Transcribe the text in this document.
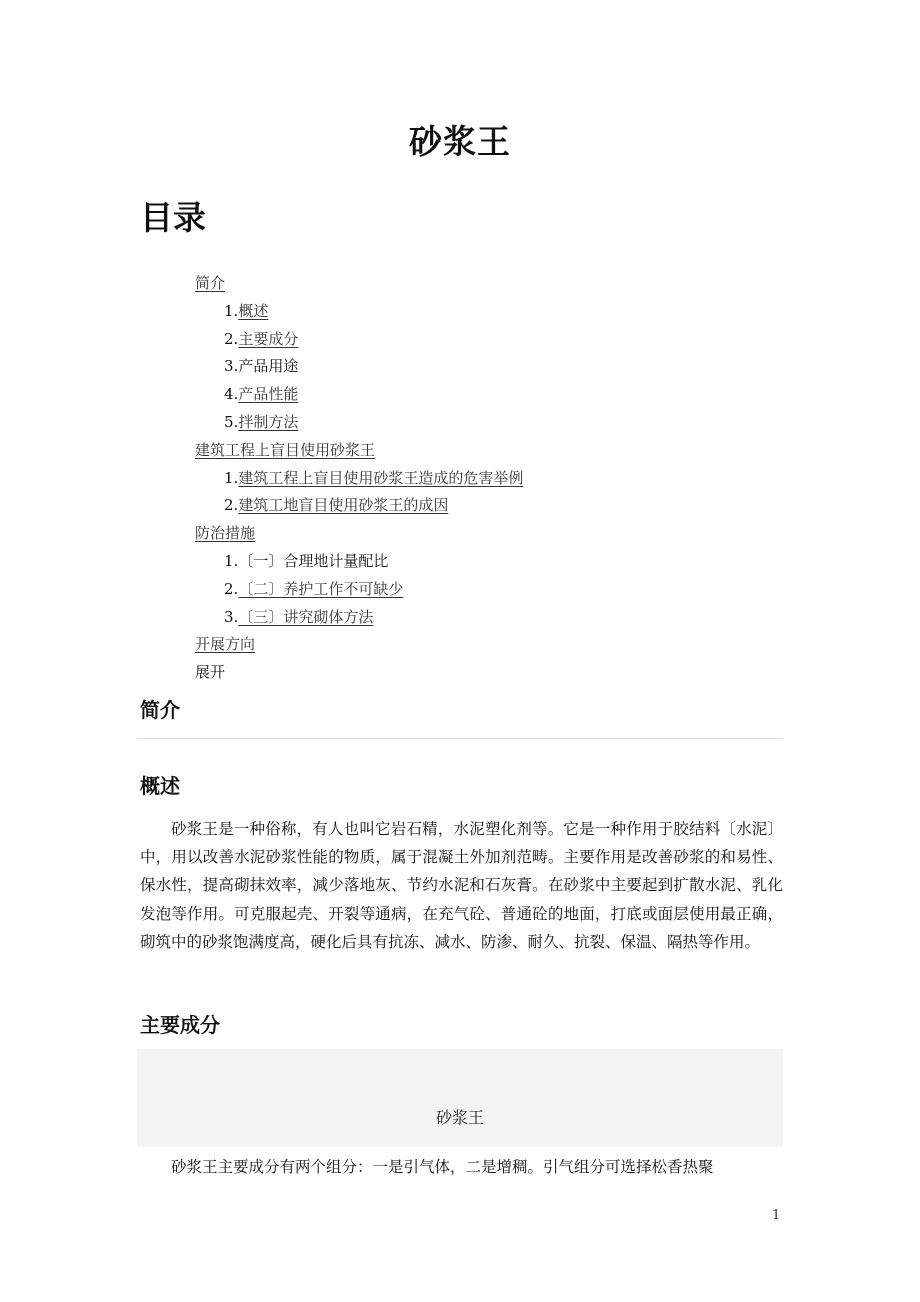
砂浆王
目录
简介
1.概述
2.主要成分
3.产品用途
4.产品性能
5.拌制方法
建筑工程上盲目使用砂浆王
1.建筑工程上盲目使用砂浆王造成的危害举例
2.建筑工地盲目使用砂浆王的成因
防治措施
1.〔一〕合理地计量配比
2.〔二〕养护工作不可缺少
3.〔三〕讲究砌体方法
开展方向
展开
简介
概述

砂浆王是一种俗称，有人也叫它岩石精，水泥塑化剂等。它是一种作用于胶结料〔水泥〕中，用以改善水泥砂浆性能的物质，属于混凝土外加剂范畴。主要作用是改善砂浆的和易性、保水性，提高砌抹效率，减少落地灰、节约水泥和石灰膏。在砂浆中主要起到扩散水泥、乳化发泡等作用。可克服起壳、开裂等通病，在充气砼、普通砼的地面，打底或面层使用最正确，砌筑中的砂浆饱满度高，硬化后具有抗冻、减水、防渗、耐久、抗裂、保温、隔热等作用。

主要成分
砂浆王

砂浆王主要成分有两个组分：一是引气体，二是增稠。引气组分可选择松香热聚

1
